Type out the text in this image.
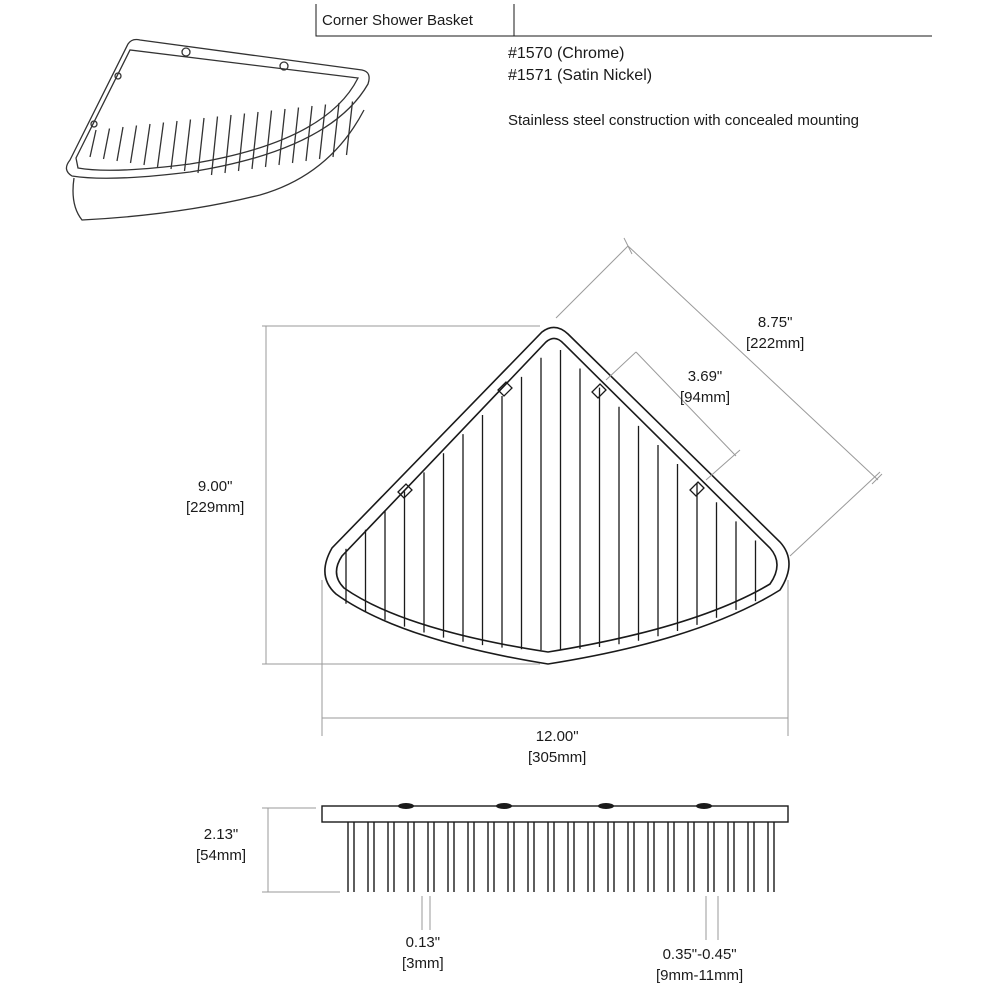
Corner Shower Basket
#1570 (Chrome)
#1571 (Satin Nickel)
Stainless steel construction with concealed mounting
8.75"
[222mm]
3.69"
[94mm]
9.00"
[229mm]
12.00"
[305mm]
2.13"
[54mm]
0.13"
[3mm]
0.35"-0.45"
[9mm-11mm]
